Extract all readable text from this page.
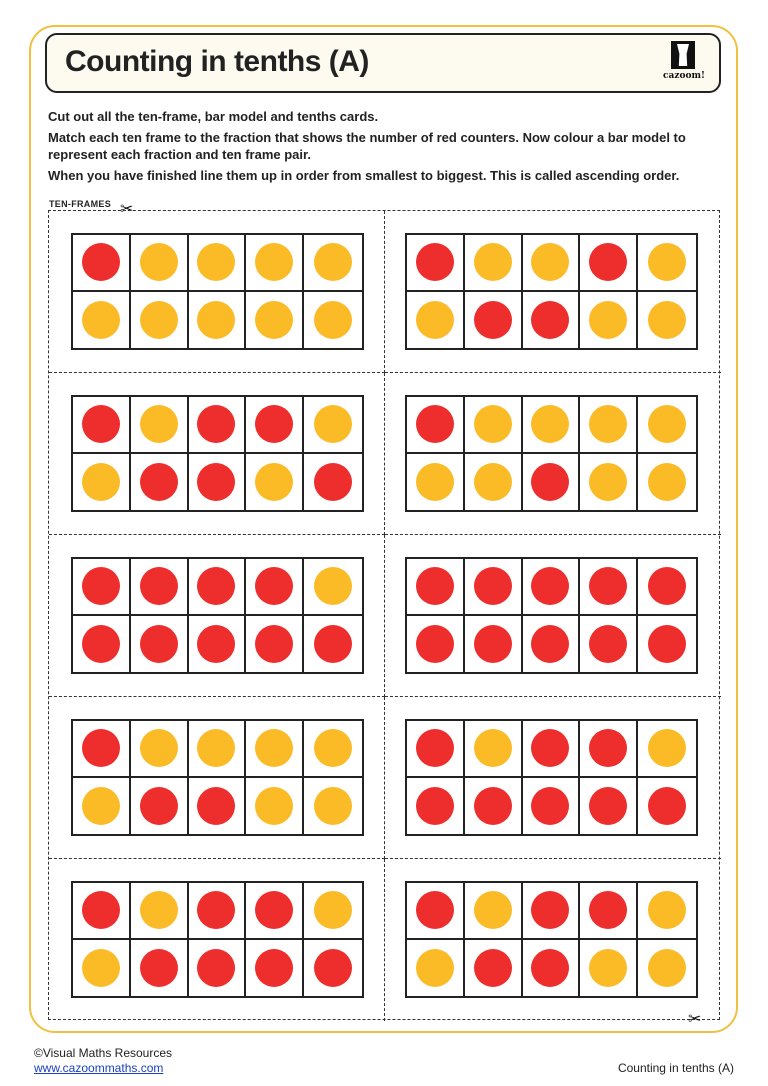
Counting in tenths (A)	cazoom!
Cut out all the ten-frame, bar model and tenths cards.
Match each ten frame to the fraction that shows the number of red counters. Now colour a bar model to represent each fraction and ten frame pair.
When you have finished line them up in order from smallest to biggest. This is called ascending order.
TEN-FRAMES ✂
✂
©Visual Maths Resources
www.cazoommaths.com	Counting in tenths (A)
